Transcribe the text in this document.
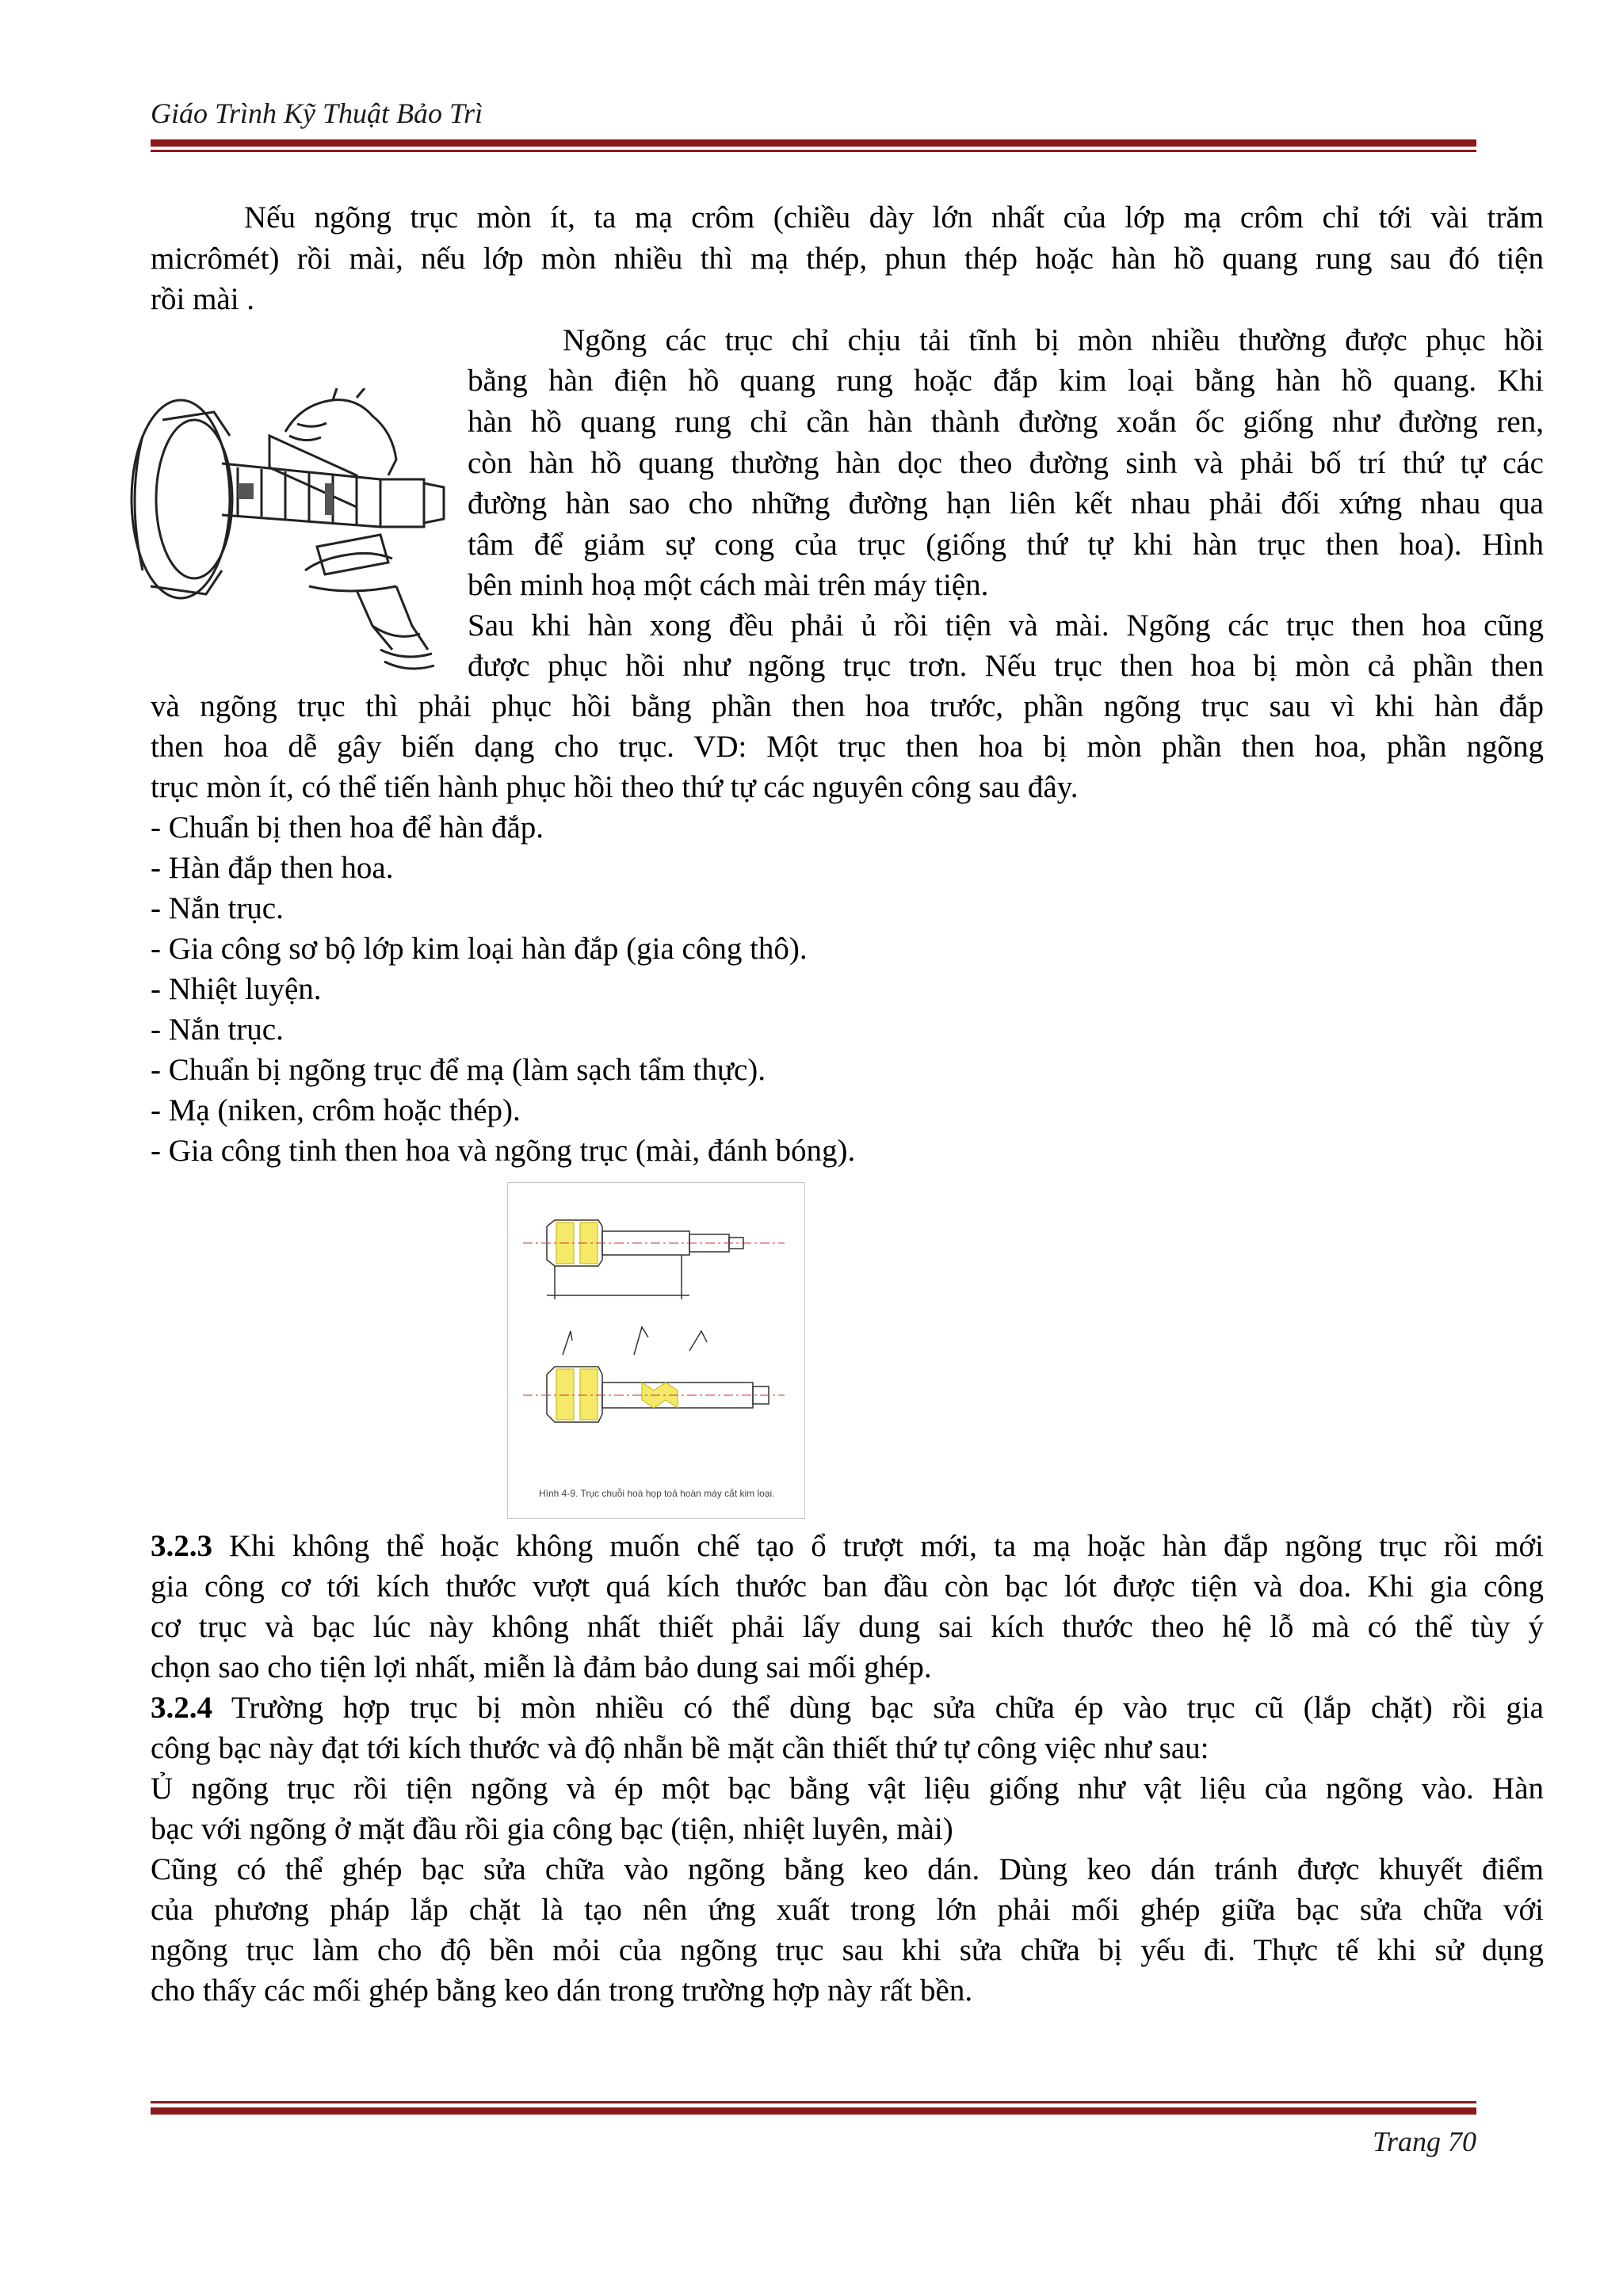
Giáo Trình Kỹ Thuật Bảo Trì
Nếu ngõng trục mòn ít, ta mạ crôm (chiều dày lớn nhất của lớp mạ crôm chỉ tới vài trăm
micrômét) rồi mài, nếu lớp mòn nhiều thì mạ thép, phun thép hoặc hàn hồ quang rung sau đó tiện
rồi mài .
Ngõng các trục chỉ chịu tải tĩnh bị mòn nhiều thường được phục hồi
bằng hàn điện hồ quang rung hoặc đắp kim loại bằng hàn hồ quang. Khi
hàn hồ quang rung chỉ cần hàn thành đường xoắn ốc giống như đường ren,
còn hàn hồ quang thường hàn dọc theo đường sinh và phải bố trí thứ tự các
đường hàn sao cho những đường hạn liên kết nhau phải đối xứng nhau qua
tâm để giảm sự cong của trục (giống thứ tự khi hàn trục then hoa). Hình
bên minh hoạ một cách mài trên máy tiện.
Sau khi hàn xong đều phải ủ rồi tiện và mài. Ngõng các trục then hoa cũng
được phục hồi như ngõng trục trơn. Nếu trục then hoa bị mòn cả phần then
và ngõng trục thì phải phục hồi bằng phần then hoa trước, phần ngõng trục sau vì khi hàn đắp
then hoa dễ gây biến dạng cho trục. VD: Một trục then hoa bị mòn phần then hoa, phần ngõng
trục mòn ít, có thể tiến hành phục hồi theo thứ tự các nguyên công sau đây.
- Chuẩn bị then hoa để hàn đắp.
- Hàn đắp then hoa.
- Nắn trục.
- Gia công sơ bộ lớp kim loại hàn đắp (gia công thô).
- Nhiệt luyện.
- Nắn trục.
- Chuẩn bị ngõng trục để mạ (làm sạch tẩm thực).
- Mạ (niken, crôm hoặc thép).
- Gia công tinh then hoa và ngõng trục (mài, đánh bóng).
Hình 4-9. Trục chuỗi hoà họp toả hoàn máy cắt kim loại.
3.2.3 Khi không thể hoặc không muốn chế tạo ổ trượt mới, ta mạ hoặc hàn đắp ngõng trục rồi mới
gia công cơ tới kích thước vượt quá kích thước ban đầu còn bạc lót được tiện và doa. Khi gia công
cơ trục và bạc lúc này không nhất thiết phải lấy dung sai kích thước theo hệ lỗ mà có thể tùy ý
chọn sao cho tiện lợi nhất, miễn là đảm bảo dung sai mối ghép.
3.2.4 Trường hợp trục bị mòn nhiều có thể dùng bạc sửa chữa ép vào trục cũ (lắp chặt) rồi gia
công bạc này đạt tới kích thước và độ nhẵn bề mặt cần thiết thứ tự công việc như sau:
Ủ ngõng trục rồi tiện ngõng và ép một bạc bằng vật liệu giống như vật liệu của ngõng vào. Hàn
bạc với ngõng ở mặt đầu rồi gia công bạc (tiện, nhiệt luyên, mài)
Cũng có thể ghép bạc sửa chữa vào ngõng bằng keo dán. Dùng keo dán tránh được khuyết điểm
của phương pháp lắp chặt là tạo nên ứng xuất trong lớn phải mối ghép giữa bạc sửa chữa với
ngõng trục làm cho độ bền mỏi của ngõng trục sau khi sửa chữa bị yếu đi. Thực tế khi sử dụng
cho thấy các mối ghép bằng keo dán trong trường hợp này rất bền.
Trang 70
